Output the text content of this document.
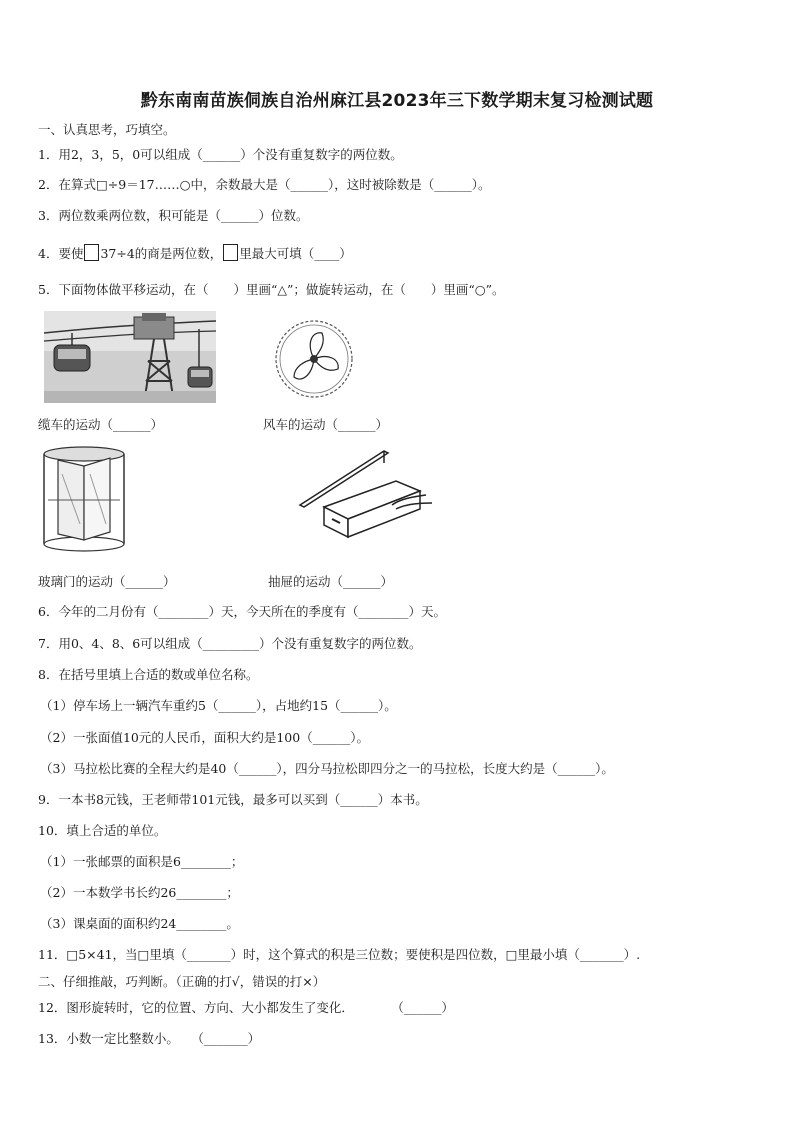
黔东南南苗族侗族自治州麻江县2023年三下数学期末复习检测试题
一、认真思考，巧填空。
1．用2，3，5，0可以组成（______）个没有重复数字的两位数。
2．在算式□÷9＝17……○中，余数最大是（______），这时被除数是（______）。
3．两位数乘两位数，积可能是（______）位数。
4．要使 37÷4的商是两位数， 里最大可填（____）
5．下面物体做平移运动，在（　　）里画“△”；做旋转运动，在（　　）里画“○”。
缆车的运动（______）	风车的运动（______）
玻璃门的运动（______）	抽屉的运动（______）
6．今年的二月份有（________）天，今天所在的季度有（________）天。
7．用0、4、8、6可以组成（_________）个没有重复数字的两位数。
8．在括号里填上合适的数或单位名称。
（1）停车场上一辆汽车重约5（______），占地约15（______）。
（2）一张面值10元的人民币，面积大约是100（______）。
（3）马拉松比赛的全程大约是40（______），四分马拉松即四分之一的马拉松，长度大约是（______）。
9．一本书8元钱，王老师带101元钱，最多可以买到（______）本书。
10．填上合适的单位。
（1）一张邮票的面积是6________；
（2）一本数学书长约26________；
（3）课桌面的面积约24________。
11．□5×41，当□里填（_______）时，这个算式的积是三位数；要使积是四位数，□里最小填（_______）.
二、仔细推敲，巧判断。（正确的打√，错误的打×）
12．图形旋转时，它的位置、方向、大小都发生了变化．　　　　（______）
13．小数一定比整数小。　　（_______）
